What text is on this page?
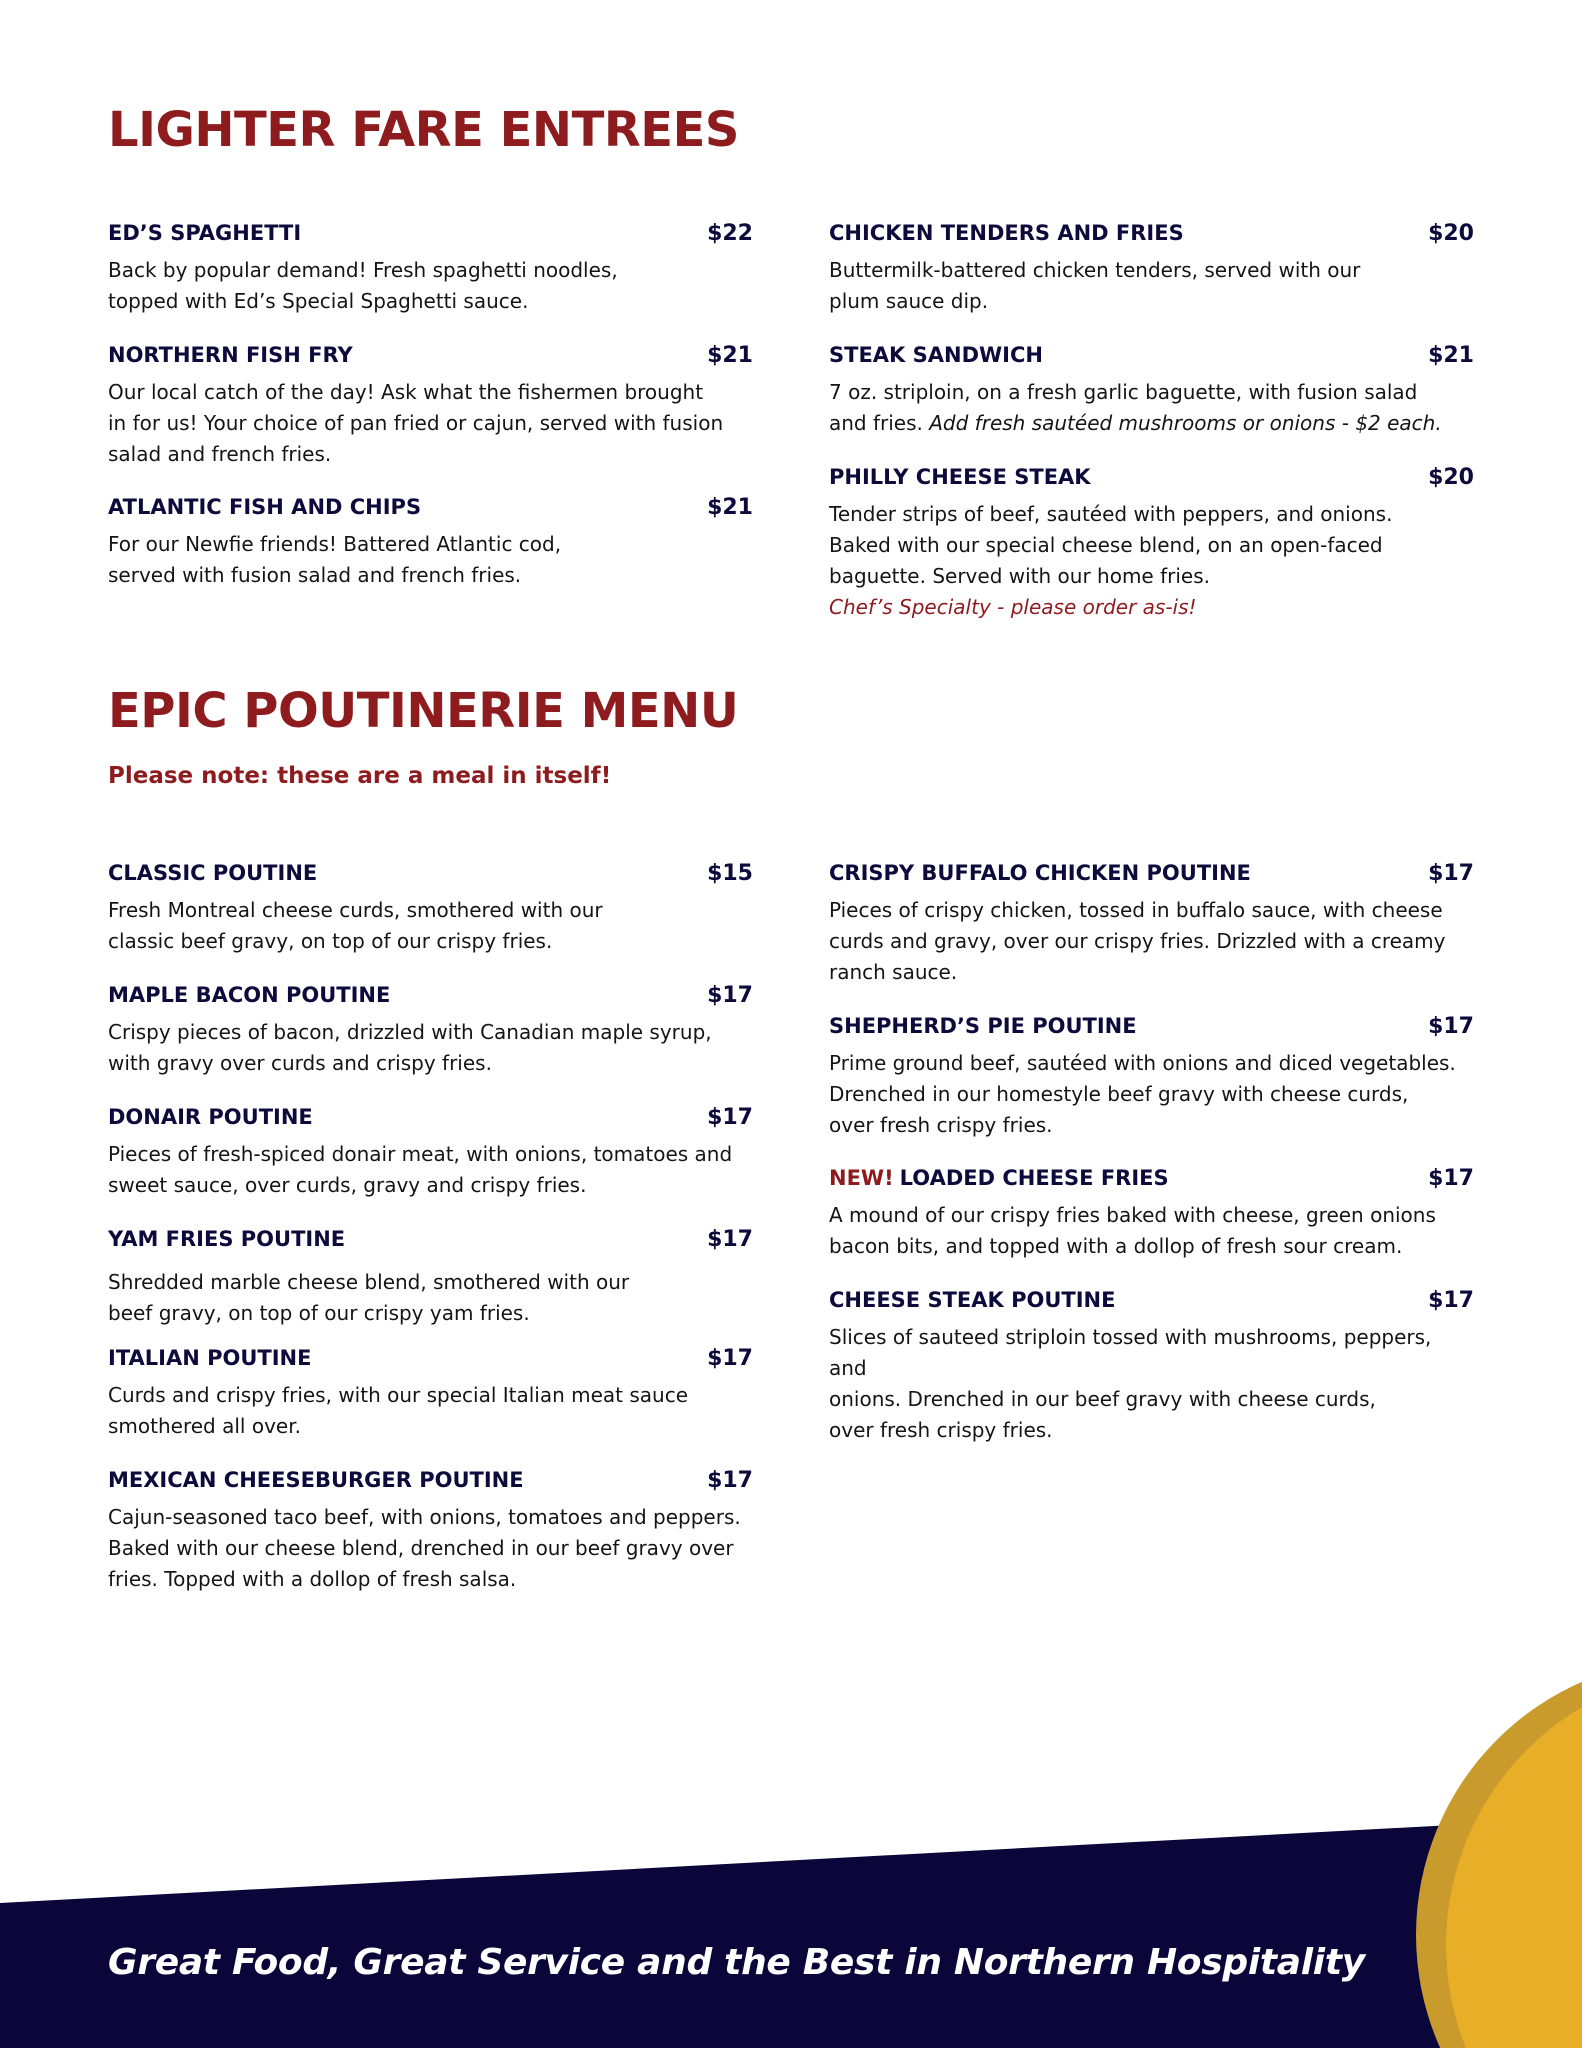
LIGHTER FARE ENTREES
ED’S SPAGHETTI	$22
Back by popular demand! Fresh spaghetti noodles,
topped with Ed’s Special Spaghetti sauce.
NORTHERN FISH FRY	$21
Our local catch of the day! Ask what the fishermen brought
in for us! Your choice of pan fried or cajun, served with fusion
salad and french fries.
ATLANTIC FISH AND CHIPS	$21
For our Newfie friends! Battered Atlantic cod,
served with fusion salad and french fries.
CHICKEN TENDERS AND FRIES	$20
Buttermilk-battered chicken tenders, served with our
plum sauce dip.
STEAK SANDWICH	$21
7 oz. striploin, on a fresh garlic baguette, with fusion salad
and fries. Add fresh sautéed mushrooms or onions - $2 each.
PHILLY CHEESE STEAK	$20
Tender strips of beef, sautéed with peppers, and onions.
Baked with our special cheese blend, on an open-faced
baguette. Served with our home fries.
Chef’s Specialty - please order as-is!
EPIC POUTINERIE MENU

Please note: these are a meal in itself!

CLASSIC POUTINE	$15
Fresh Montreal cheese curds, smothered with our
classic beef gravy, on top of our crispy fries.
MAPLE BACON POUTINE	$17
Crispy pieces of bacon, drizzled with Canadian maple syrup,
with gravy over curds and crispy fries.
DONAIR POUTINE	$17
Pieces of fresh-spiced donair meat, with onions, tomatoes and
sweet sauce, over curds, gravy and crispy fries.
YAM FRIES POUTINE	$17
Shredded marble cheese blend, smothered with our
beef gravy, on top of our crispy yam fries.
ITALIAN POUTINE	$17
Curds and crispy fries, with our special Italian meat sauce
smothered all over.
MEXICAN CHEESEBURGER POUTINE	$17
Cajun-seasoned taco beef, with onions, tomatoes and peppers.
Baked with our cheese blend, drenched in our beef gravy over
fries. Topped with a dollop of fresh salsa.
CRISPY BUFFALO CHICKEN POUTINE	$17
Pieces of crispy chicken, tossed in buffalo sauce, with cheese
curds and gravy, over our crispy fries. Drizzled with a creamy
ranch sauce.
SHEPHERD’S PIE POUTINE	$17
Prime ground beef, sautéed with onions and diced vegetables.
Drenched in our homestyle beef gravy with cheese curds,
over fresh crispy fries.
NEW! LOADED CHEESE FRIES	$17
A mound of our crispy fries baked with cheese, green onions
bacon bits, and topped with a dollop of fresh sour cream.
CHEESE STEAK POUTINE	$17
Slices of sauteed striploin tossed with mushrooms, peppers, and
onions. Drenched in our beef gravy with cheese curds,
over fresh crispy fries.
Great Food, Great Service and the Best in Northern Hospitality
